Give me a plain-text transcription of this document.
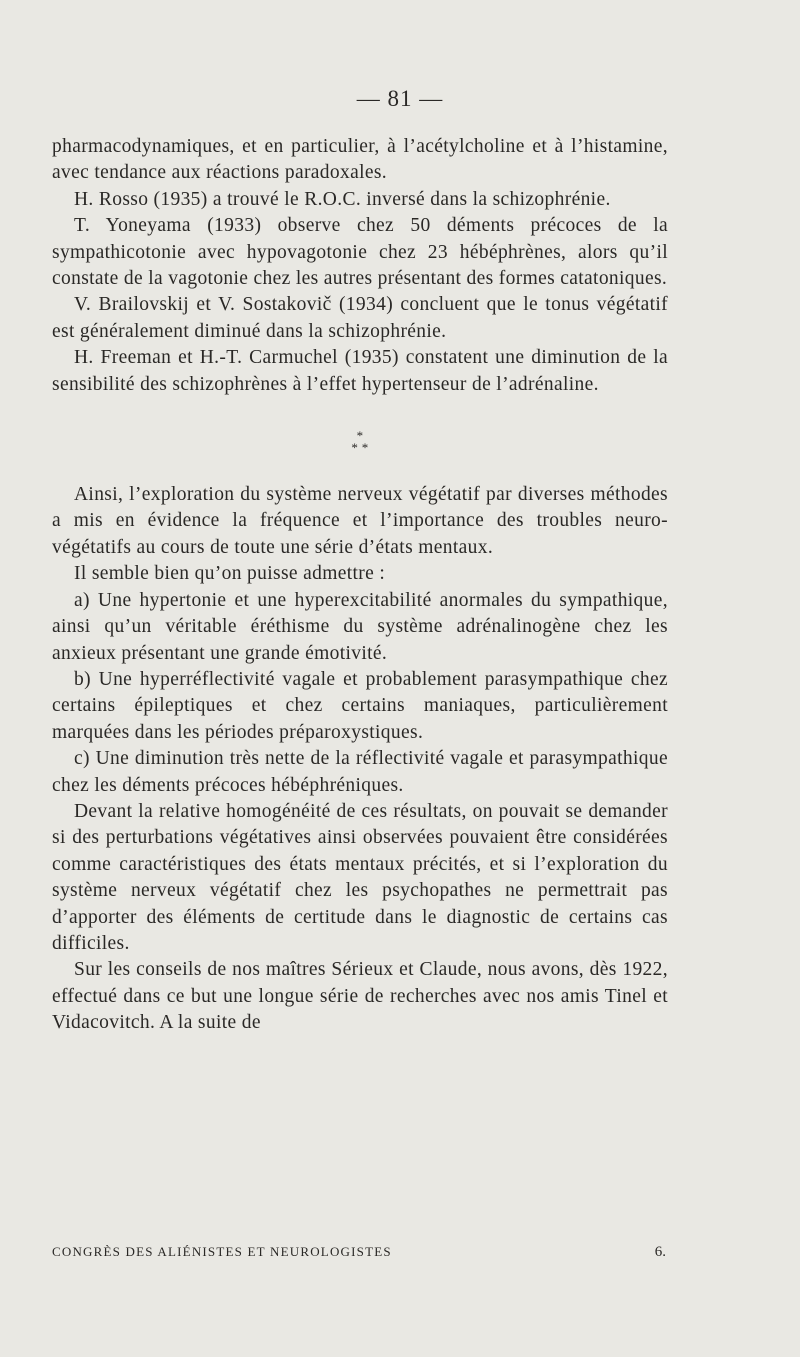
— 81 —

pharmacodynamiques, et en particulier, à l’acétylcholine et à l’histamine, avec tendance aux réactions paradoxales.

H. Rosso (1935) a trouvé le R.O.C. inversé dans la schizophrénie.

T. Yoneyama (1933) observe chez 50 déments précoces de la sympathicotonie avec hypovagotonie chez 23 hébéphrènes, alors qu’il constate de la vagotonie chez les autres présentant des formes catatoniques.

V. Brailovskij et V. Sostakovič (1934) concluent que le tonus végétatif est généralement diminué dans la schizophrénie.

H. Freeman et H.-T. Carmuchel (1935) constatent une diminution de la sensibilité des schizophrènes à l’effet hypertenseur de l’adrénaline.

*
* *

Ainsi, l’exploration du système nerveux végétatif par diverses méthodes a mis en évidence la fréquence et l’importance des troubles neuro-végétatifs au cours de toute une série d’états mentaux.

Il semble bien qu’on puisse admettre :

a) Une hypertonie et une hyperexcitabilité anormales du sympathique, ainsi qu’un véritable éréthisme du système adrénalinogène chez les anxieux présentant une grande émotivité.

b) Une hyperréflectivité vagale et probablement parasympathique chez certains épileptiques et chez certains maniaques, particulièrement marquées dans les périodes préparoxystiques.

c) Une diminution très nette de la réflectivité vagale et parasympathique chez les déments précoces hébéphréniques.

Devant la relative homogénéité de ces résultats, on pouvait se demander si des perturbations végétatives ainsi observées pouvaient être considérées comme caractéristiques des états mentaux précités, et si l’exploration du système nerveux végétatif chez les psychopathes ne permettrait pas d’apporter des éléments de certitude dans le diagnostic de certains cas difficiles.

Sur les conseils de nos maîtres Sérieux et Claude, nous avons, dès 1922, effectué dans ce but une longue série de recherches avec nos amis Tinel et Vidacovitch. A la suite de

CONGRÈS DES ALIÉNISTES ET NEUROLOGISTES	6.
